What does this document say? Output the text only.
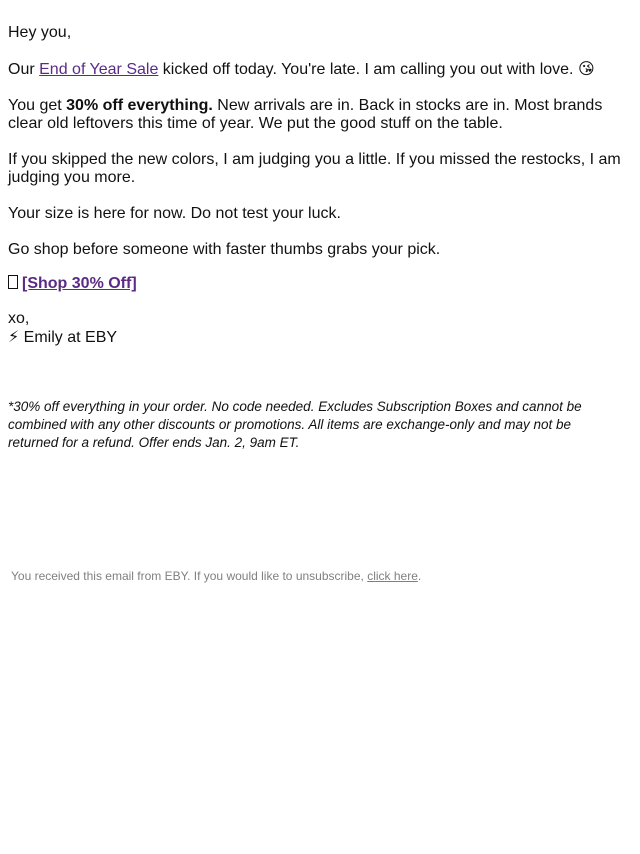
Hey you,

Our End of Year Sale kicked off today. You're late. I am calling you out with love. 😘

You get 30% off everything. New arrivals are in. Back in stocks are in. Most brands clear old leftovers this time of year. We put the good stuff on the table.

If you skipped the new colors, I am judging you a little. If you missed the restocks, I am judging you more.

Your size is here for now. Do not test your luck.

Go shop before someone with faster thumbs grabs your pick.

[Shop 30% Off]

xo,

⚡ Emily at EBY

*30% off everything in your order. No code needed. Excludes Subscription Boxes and cannot be combined with any other discounts or promotions. All items are exchange-only and may not be returned for a refund. Offer ends Jan. 2, 9am ET.

You received this email from EBY. If you would like to unsubscribe, click here.
